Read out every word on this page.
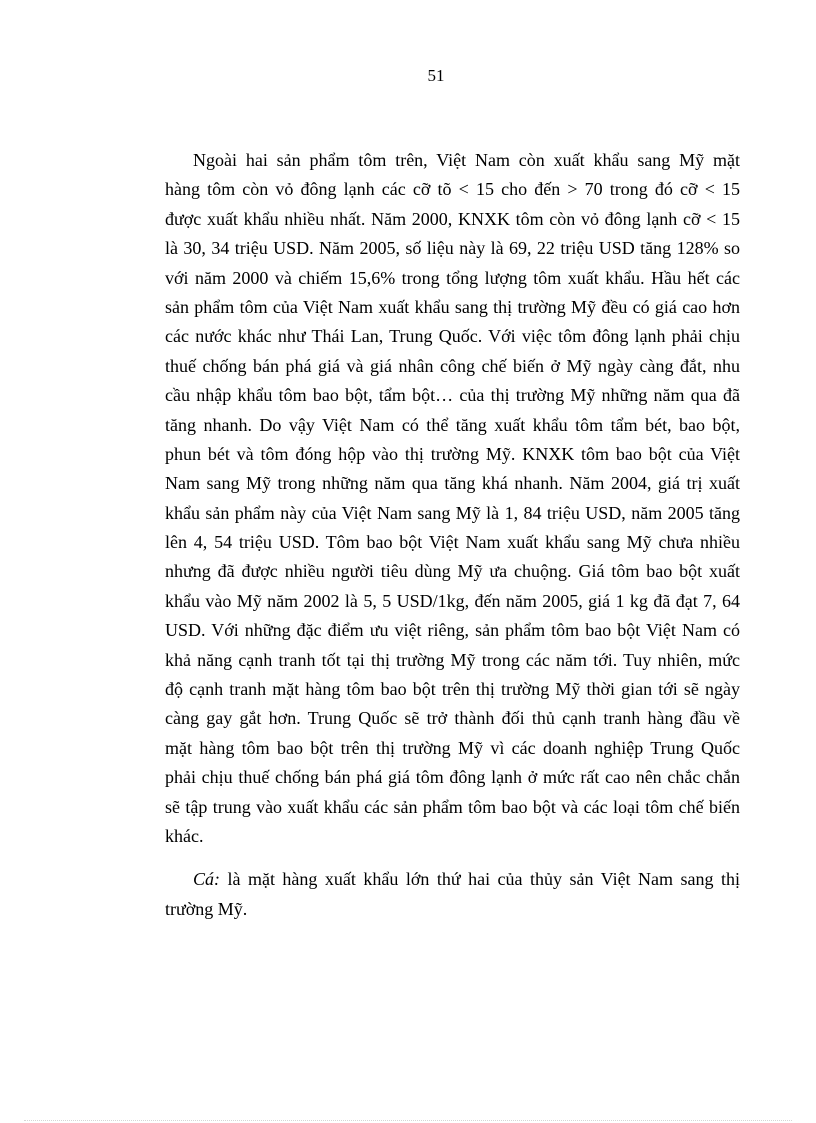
51
Ngoài hai sản phẩm tôm trên, Việt Nam còn xuất khẩu sang Mỹ mặt
hàng tôm còn vỏ đông lạnh các cỡ tõ < 15 cho đến > 70 trong đó cỡ < 15
được xuất khẩu nhiều nhất. Năm 2000, KNXK tôm còn vỏ đông lạnh cỡ < 15
là 30, 34 triệu USD. Năm 2005, số liệu này là 69, 22 triệu USD tăng 128% so
với năm 2000 và chiếm 15,6% trong tổng lượng tôm xuất khẩu. Hầu hết các
sản phẩm tôm của Việt Nam xuất khẩu sang thị trường Mỹ đều có giá cao hơn
các nước khác như Thái Lan, Trung Quốc. Với việc tôm đông lạnh phải chịu
thuế chống bán phá giá và giá nhân công chế biến ở Mỹ ngày càng đắt, nhu
cầu nhập khẩu tôm bao bột, tẩm bột… của thị trường Mỹ những năm qua đã
tăng nhanh. Do vậy Việt Nam có thể tăng xuất khẩu tôm tẩm bét, bao bột,
phun bét và tôm đóng hộp vào thị trường Mỹ. KNXK tôm bao bột của Việt
Nam sang Mỹ trong những năm qua tăng khá nhanh. Năm 2004, giá trị xuất
khẩu sản phẩm này của Việt Nam sang Mỹ là 1, 84 triệu USD, năm 2005 tăng
lên 4, 54 triệu USD. Tôm bao bột Việt Nam xuất khẩu sang Mỹ chưa nhiều
nhưng đã được nhiều người tiêu dùng Mỹ ưa chuộng. Giá tôm bao bột xuất
khẩu vào Mỹ năm 2002 là 5, 5 USD/1kg, đến năm 2005, giá 1 kg đã đạt 7, 64
USD. Với những đặc điểm ưu việt riêng, sản phẩm tôm bao bột Việt Nam có
khả năng cạnh tranh tốt tại thị trường Mỹ trong các năm tới. Tuy nhiên, mức
độ cạnh tranh mặt hàng tôm bao bột trên thị trường Mỹ thời gian tới sẽ ngày
càng gay gắt hơn. Trung Quốc sẽ trở thành đối thủ cạnh tranh hàng đầu về
mặt hàng tôm bao bột trên thị trường Mỹ vì các doanh nghiệp Trung Quốc
phải chịu thuế chống bán phá giá tôm đông lạnh ở mức rất cao nên chắc chắn
sẽ tập trung vào xuất khẩu các sản phẩm tôm bao bột và các loại tôm chế biến
khác.
Cá: là mặt hàng xuất khẩu lớn thứ hai của thủy sản Việt Nam sang thị
trường Mỹ.
